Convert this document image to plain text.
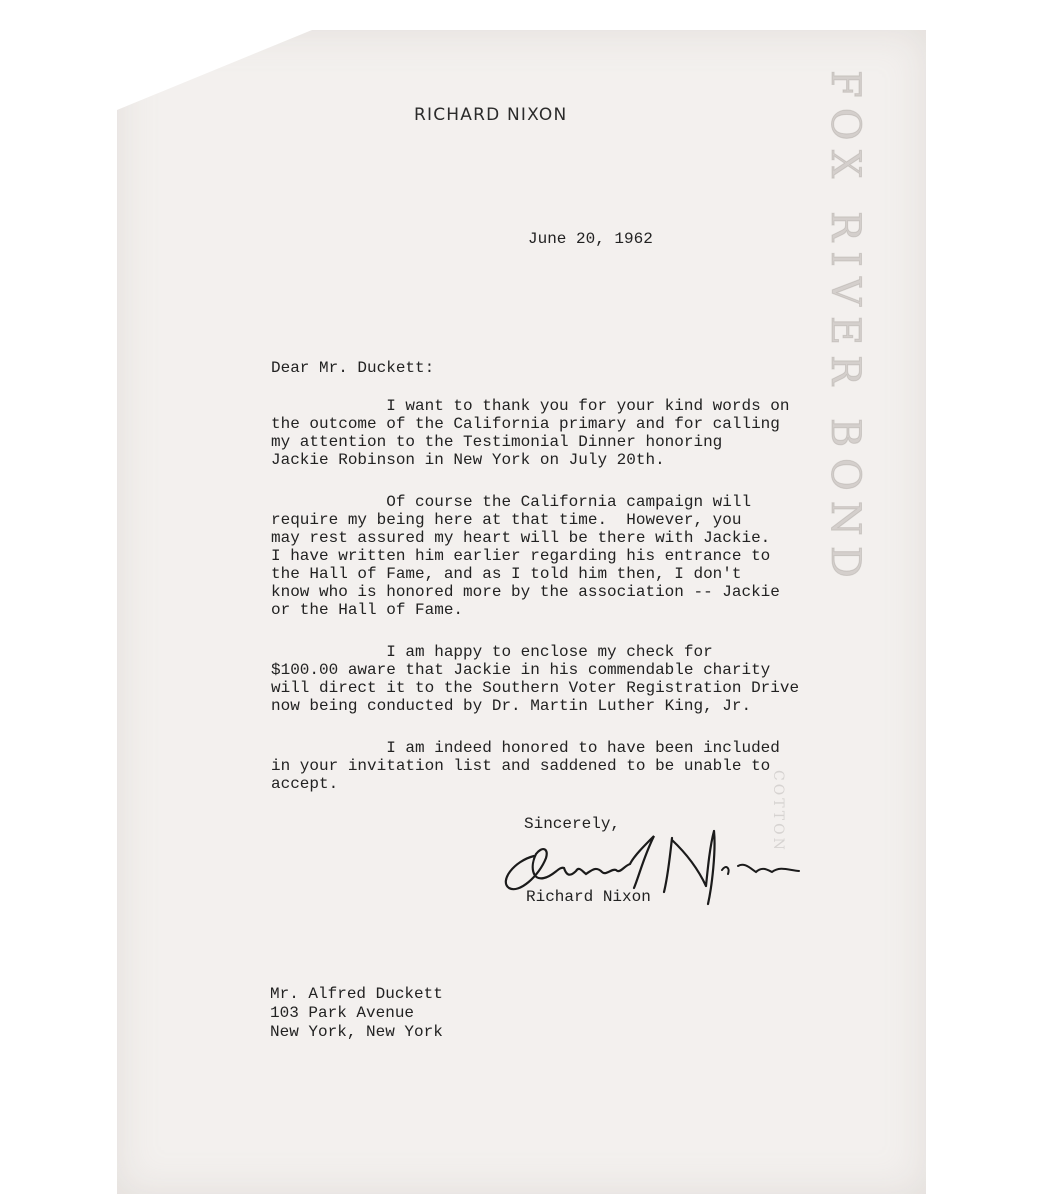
FOX RIVER BOND
COTTON
RICHARD NIXON
June 20, 1962
Dear Mr. Duckett:

I want to thank you for your kind words on
the outcome of the California primary and for calling
my attention to the Testimonial Dinner honoring
Jackie Robinson in New York on July 20th.

Of course the California campaign will
require my being here at that time.  However, you
may rest assured my heart will be there with Jackie.
I have written him earlier regarding his entrance to
the Hall of Fame, and as I told him then, I don't
know who is honored more by the association -- Jackie
or the Hall of Fame.

I am happy to enclose my check for
$100.00 aware that Jackie in his commendable charity
will direct it to the Southern Voter Registration Drive
now being conducted by Dr. Martin Luther King, Jr.

I am indeed honored to have been included
in your invitation list and saddened to be unable to
accept.

Sincerely,
Richard Nixon
Mr. Alfred Duckett
103 Park Avenue
New York, New York
